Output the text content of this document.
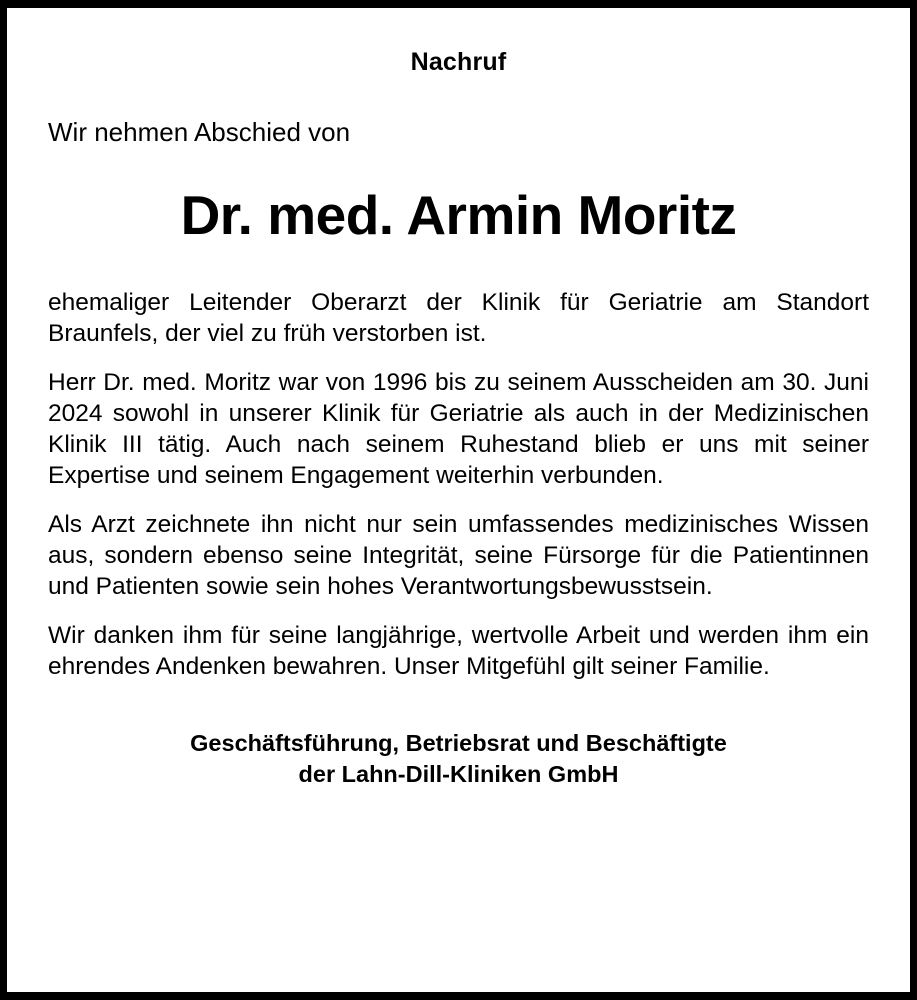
Nachruf
Wir nehmen Abschied von
Dr. med. Armin Moritz

ehemaliger Leitender Oberarzt der Klinik für Geriatrie am Standort Braunfels, der viel zu früh verstorben ist.

Herr Dr. med. Moritz war von 1996 bis zu seinem Ausscheiden am 30. Juni 2024 sowohl in unserer Klinik für Geriatrie als auch in der Medizinischen Klinik III tätig. Auch nach seinem Ruhestand blieb er uns mit seiner Expertise und seinem Engagement weiterhin verbunden.

Als Arzt zeichnete ihn nicht nur sein umfassendes medizinisches Wissen aus, sondern ebenso seine Integrität, seine Fürsorge für die Patientinnen und Patienten sowie sein hohes Verantwortungsbewusstsein.

Wir danken ihm für seine langjährige, wertvolle Arbeit und werden ihm ein ehrendes Andenken bewahren. Unser Mitgefühl gilt seiner Familie.

Geschäftsführung, Betriebsrat und Beschäftigte
der Lahn-Dill-Kliniken GmbH
